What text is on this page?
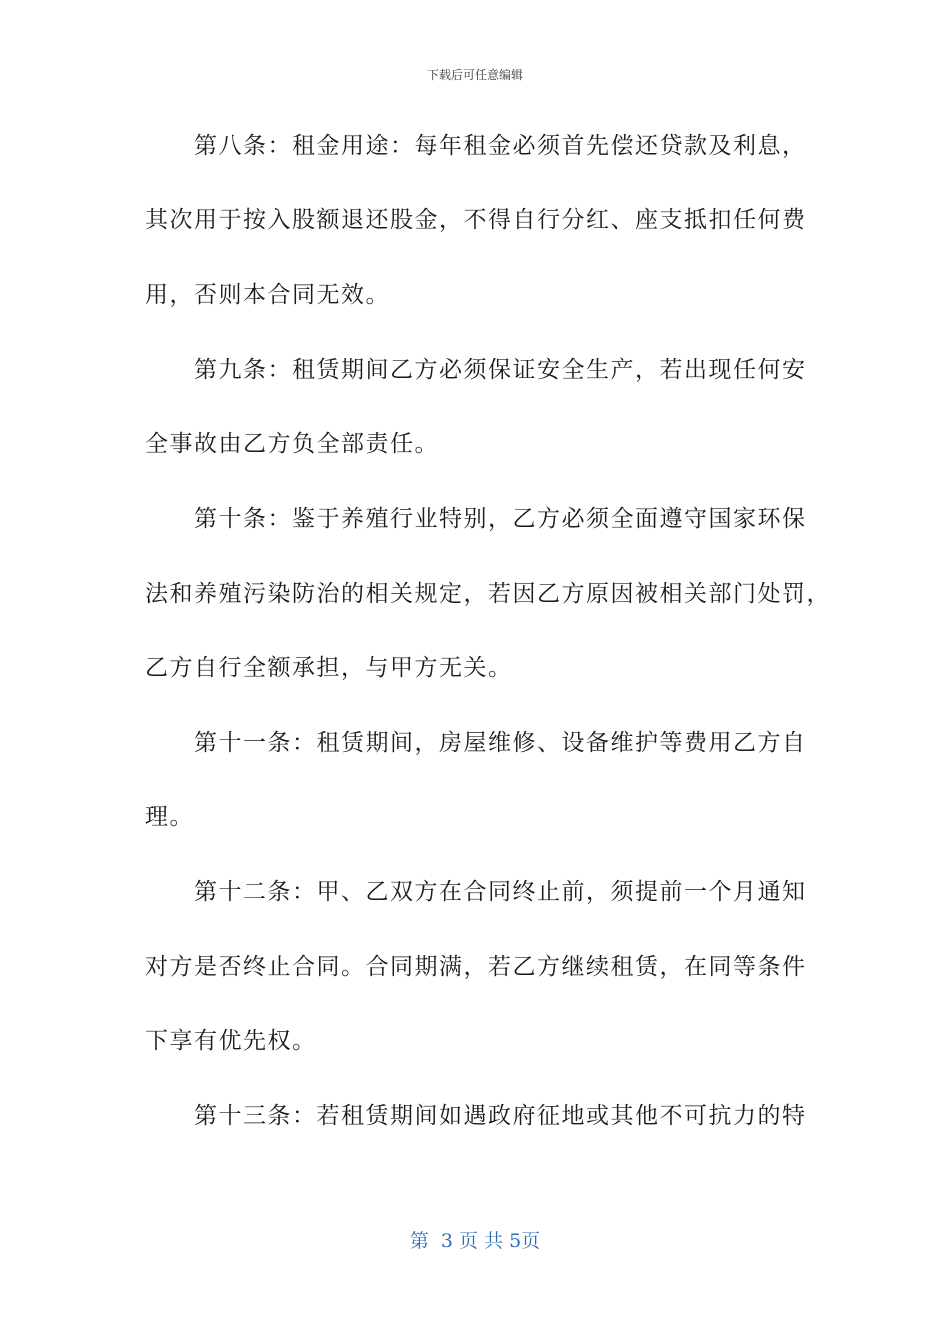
下载后可任意编辑
　　第八条：租金用途：每年租金必须首先偿还贷款及利息，
其次用于按入股额退还股金，不得自行分红、座支抵扣任何费
用，否则本合同无效。
　　第九条：租赁期间乙方必须保证安全生产，若出现任何安
全事故由乙方负全部责任。
　　第十条：鉴于养殖行业特别，乙方必须全面遵守国家环保
法和养殖污染防治的相关规定，若因乙方原因被相关部门处罚，
乙方自行全额承担，与甲方无关。
　　第十一条：租赁期间，房屋维修、设备维护等费用乙方自
理。
　　第十二条：甲、乙双方在合同终止前，须提前一个月通知
对方是否终止合同。合同期满，若乙方继续租赁，在同等条件
下享有优先权。
　　第十三条：若租赁期间如遇政府征地或其他不可抗力的特
第  3 页 共 5页
